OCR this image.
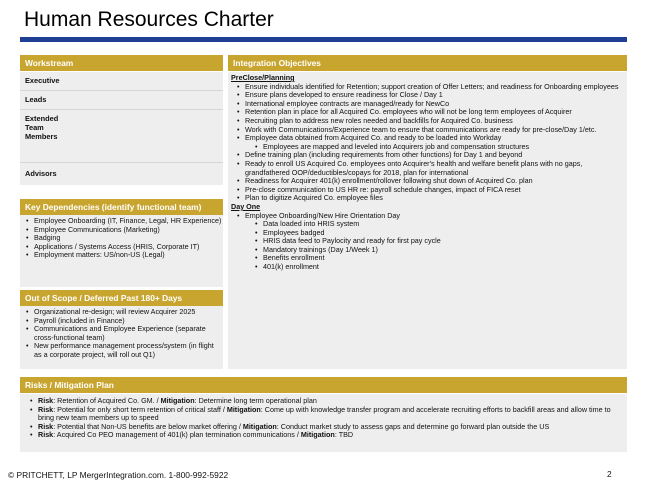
Human Resources Charter
Workstream
Executive
Leads
Extended
Team
Members
Advisors
Key Dependencies (identify functional team)
• Employee Onboarding (IT, Finance, Legal, HR Experience)
• Employee Communications (Marketing)
• Badging
• Applications / Systems Access (HRIS, Corporate IT)
• Employment matters: US/non-US (Legal)
Out of Scope / Deferred Past 180+ Days
• Organizational re-design; will review Acquirer 2025
• Payroll (included in Finance)
• Communications and Employee Experience (separate cross-functional team)
• New performance management process/system (in flight as a corporate project, will roll out Q1)
Integration Objectives
PreClose/Planning
• Ensure individuals identified for Retention; support creation of Offer Letters; and readiness for Onboarding employees
• Ensure plans developed to ensure readiness for Close / Day 1
• International employee contracts are managed/ready for NewCo
• Retention plan in place for all Acquired Co. employees who will not be long term employees of Acquirer
• Recruiting plan to address new roles needed and backfills for Acquired Co. business
• Work with Communications/Experience team to ensure that communications are ready for pre-close/Day 1/etc.
• Employee data obtained from Acquired Co. and ready to be loaded into Workday
• Employees are mapped and leveled into Acquirers job and compensation structures
• Define training plan (including requirements from other functions) for Day 1 and beyond
• Ready to enroll US Acquired Co. employees onto Acquirer's health and welfare benefit plans with no gaps, grandfathered OOP/deductibles/copays for 2018, plan for international
• Readiness for Acquirer 401(k) enrollment/rollover following shut down of Acquired Co. plan
• Pre-close communication to US HR re: payroll schedule changes, impact of FICA reset
• Plan to digitize Acquired Co. employee files
Day One
• Employee Onboarding/New Hire Orientation Day
• Data loaded into HRIS system
• Employees badged
• HRIS data feed to Paylocity and ready for first pay cycle
• Mandatory trainings (Day 1/Week 1)
• Benefits enrollment
• 401(k) enrollment
Risks / Mitigation Plan
• Risk: Retention of Acquired Co. GM. / Mitigation: Determine long term operational plan
• Risk: Potential for only short term retention of critical staff / Mitigation: Come up with knowledge transfer program and accelerate recruiting efforts to backfill areas and allow time to bring new team members up to speed
• Risk: Potential that Non-US benefits are below market offering / Mitigation: Conduct market study to assess gaps and determine go forward plan outside the US
• Risk: Acquired Co PEO management of 401(k) plan termination communications / Mitigation: TBD
© PRITCHETT, LP MergerIntegration.com. 1-800-992-5922	2
